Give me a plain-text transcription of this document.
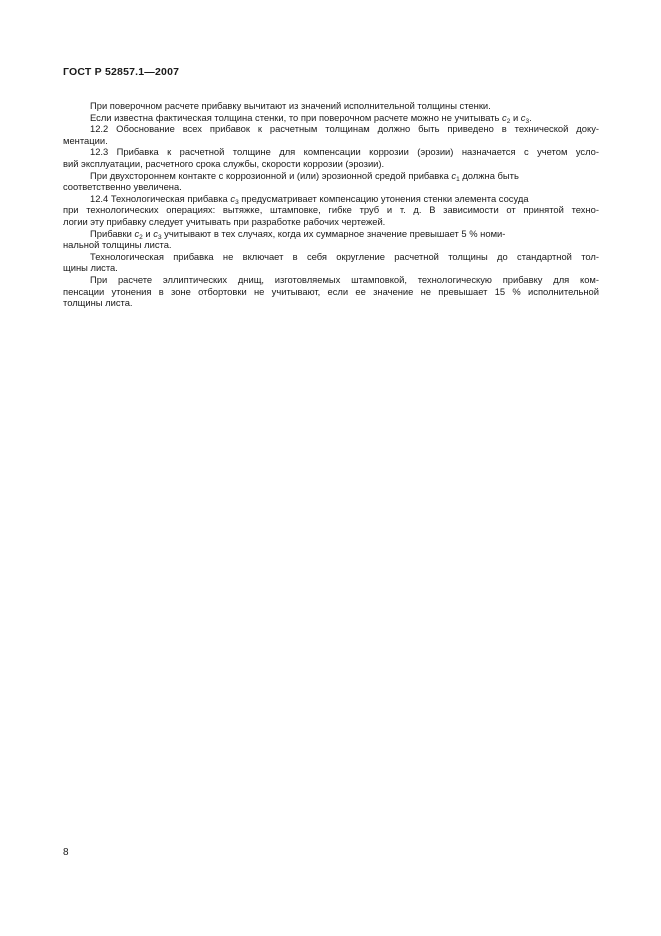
ГОСТ Р 52857.1—2007
При поверочном расчете прибавку вычитают из значений исполнительной толщины стенки.
Если известна фактическая толщина стенки, то при поверочном расчете можно не учитывать $с_2$ и $с_3$.
12.2 Обоснование всех прибавок к расчетным толщинам должно быть приведено в технической доку-
ментации.
12.3 Прибавка к расчетной толщине для компенсации коррозии (эрозии) назначается с учетом усло-
вий эксплуатации, расчетного срока службы, скорости коррозии (эрозии).
При двухстороннем контакте с коррозионной и (или) эрозионной средой прибавка $с_1$ должна быть
соответственно увеличена.
12.4 Технологическая прибавка $с_3$ предусматривает компенсацию утонения стенки элемента сосуда
при технологических операциях: вытяжке, штамповке, гибке труб и т. д. В зависимости от принятой техно-
логии эту прибавку следует учитывать при разработке рабочих чертежей.
Прибавки $с_2$ и $с_3$ учитывают в тех случаях, когда их суммарное значение превышает 5 % номи-
нальной толщины листа.
Технологическая прибавка не включает в себя округление расчетной толщины до стандартной тол-
щины листа.
При расчете эллиптических днищ, изготовляемых штамповкой, технологическую прибавку для ком-
пенсации утонения в зоне отбортовки не учитывают, если ее значение не превышает 15 % исполнительной
толщины листа.
8
